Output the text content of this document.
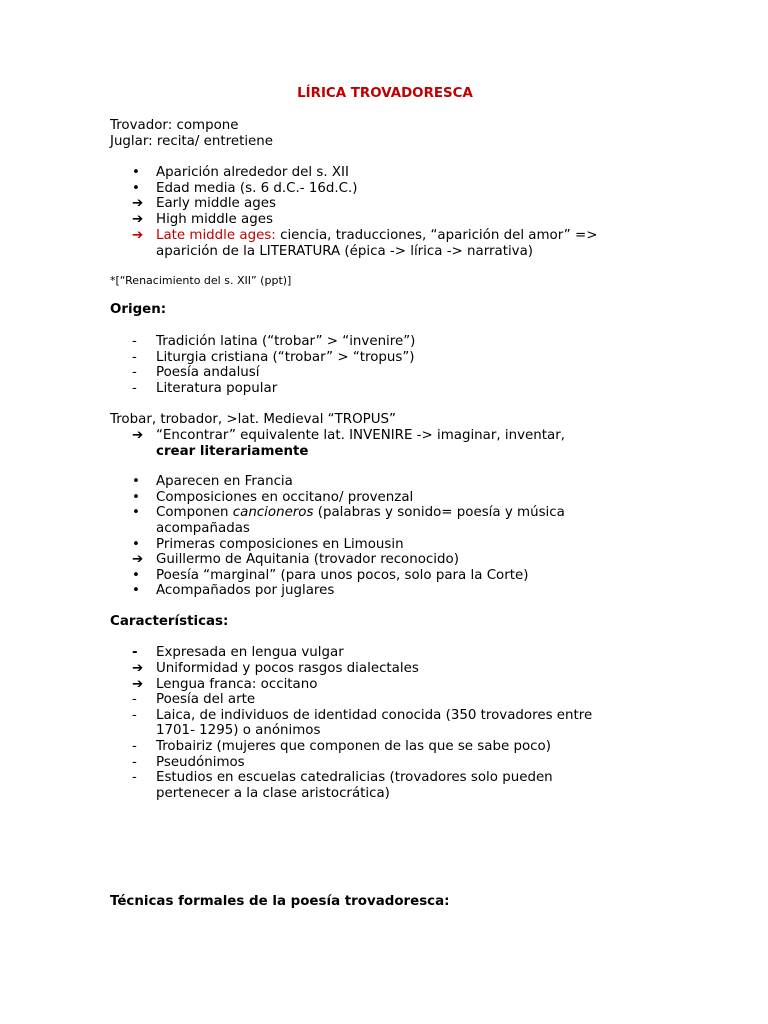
LÍRICA TROVADORESCA
Trovador: compone
Juglar: recita/ entretiene
•	Aparición alrededor del s. XII
•	Edad media (s. 6 d.C.- 16d.C.)
➔ Early middle ages
➔ High middle ages
➔ Late middle ages: ciencia, traducciones, “aparición del amor” =>
aparición de la LITERATURA (épica -> lírica -> narrativa)
*[“Renacimiento del s. XII” (ppt)]
Origen:
-	Tradición latina (“trobar” > “invenire”)
-	Liturgia cristiana (“trobar” > “tropus”)
-	Poesía andalusí
-	Literatura popular
Trobar, trobador, >lat. Medieval “TROPUS”
➔ “Encontrar” equivalente lat. INVENIRE -> imaginar, inventar,
crear literariamente
•	Aparecen en Francia
•	Composiciones en occitano/ provenzal
•	Componen cancioneros (palabras y sonido= poesía y música
acompañadas
•	Primeras composiciones en Limousin
➔ Guillermo de Aquitania (trovador reconocido)
•	Poesía “marginal” (para unos pocos, solo para la Corte)
•	Acompañados por juglares
Características:
-	Expresada en lengua vulgar
➔ Uniformidad y pocos rasgos dialectales
➔ Lengua franca: occitano
-	Poesía del arte
-	Laica, de individuos de identidad conocida (350 trovadores entre
1701- 1295) o anónimos
-	Trobairiz (mujeres que componen de las que se sabe poco)
-	Pseudónimos
-	Estudios en escuelas catedralicias (trovadores solo pueden
pertenecer a la clase aristocrática)
Técnicas formales de la poesía trovadoresca:
